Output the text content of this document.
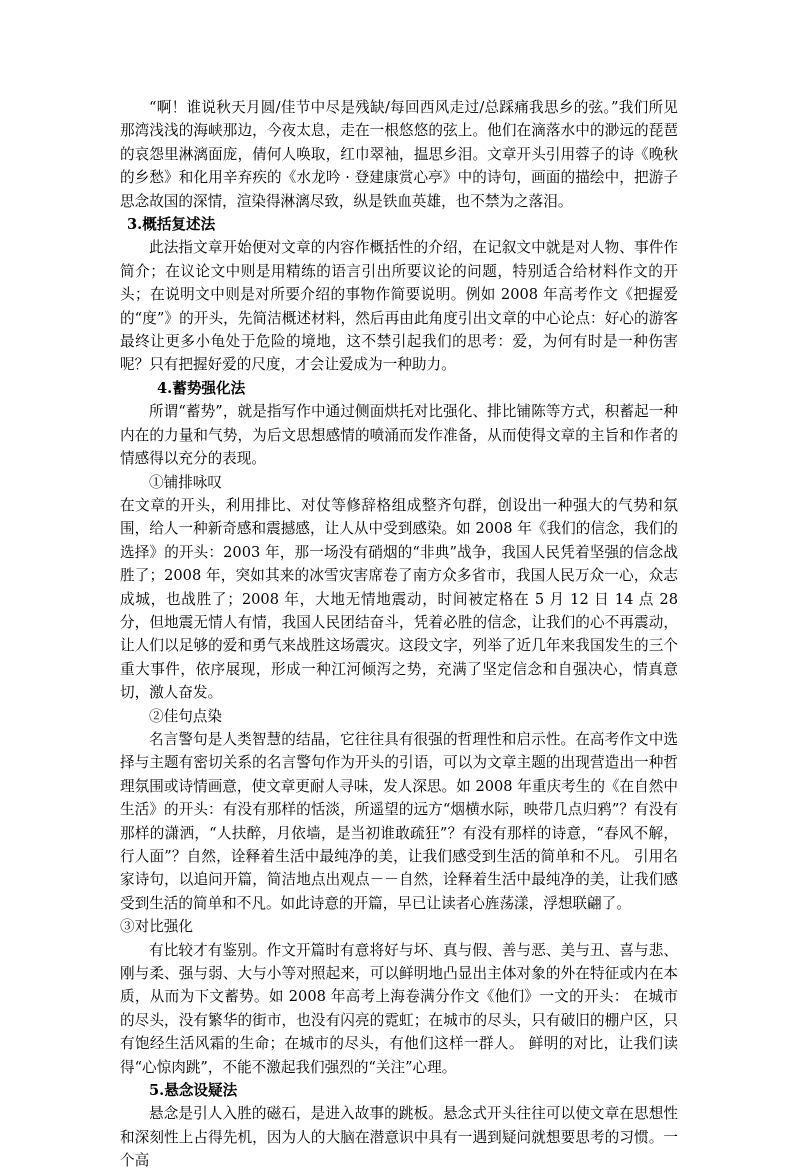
“啊！谁说秋天月圆/佳节中尽是残缺/每回西风走过/总踩痛我思乡的弦。”我们所见那湾浅浅的海峡那边，今夜太息，走在一根悠悠的弦上。他们在滴落水中的渺远的琵琶的哀怨里淋漓面庞，倩何人唤取，红巾翠袖，揾思乡泪。文章开头引用蓉子的诗《晚秋的乡愁》和化用辛弃疾的《水龙吟 · 登建康赏心亭》中的诗句，画面的描绘中，把游子思念故国的深情，渲染得淋漓尽致，纵是铁血英雄，也不禁为之落泪。

3.概括复述法

此法指文章开始便对文章的内容作概括性的介绍，在记叙文中就是对人物、事件作简介；在议论文中则是用精练的语言引出所要议论的问题，特别适合给材料作文的开头；在说明文中则是对所要介绍的事物作简要说明。例如 2008 年高考作文《把握爱的“度”》的开头，先简洁概述材料，然后再由此角度引出文章的中心论点：好心的游客最终让更多小龟处于危险的境地，这不禁引起我们的思考：爱，为何有时是一种伤害呢？只有把握好爱的尺度，才会让爱成为一种助力。

4.蓄势强化法

所谓“蓄势”，就是指写作中通过侧面烘托对比强化、排比铺陈等方式，积蓄起一种内在的力量和气势，为后文思想感情的喷涌而发作准备，从而使得文章的主旨和作者的情感得以充分的表现。

①铺排咏叹

在文章的开头，利用排比、对仗等修辞格组成整齐句群，创设出一种强大的气势和氛围，给人一种新奇感和震撼感，让人从中受到感染。如 2008 年《我们的信念，我们的选择》的开头：2003 年，那一场没有硝烟的“非典”战争，我国人民凭着坚强的信念战胜了；2008 年，突如其来的冰雪灾害席卷了南方众多省市，我国人民万众一心，众志成城，也战胜了；2008 年，大地无情地震动，时间被定格在 5 月 12 日 14 点 28 分，但地震无情人有情，我国人民团结奋斗，凭着必胜的信念，让我们的心不再震动，让人们以足够的爱和勇气来战胜这场震灾。这段文字，列举了近几年来我国发生的三个重大事件，依序展现，形成一种江河倾泻之势，充满了坚定信念和自强决心，情真意切，激人奋发。

②佳句点染

名言警句是人类智慧的结晶，它往往具有很强的哲理性和启示性。在高考作文中选择与主题有密切关系的名言警句作为开头的引语，可以为文章主题的出现营造出一种哲理氛围或诗情画意，使文章更耐人寻味，发人深思。如 2008 年重庆考生的《在自然中生活》的开头：有没有那样的恬淡，所遥望的远方“烟横水际，映带几点归鸦”？有没有那样的潇洒，“人扶醉，月依墙，是当初谁敢疏狂”？有没有那样的诗意，“春风不解，行人面”？自然，诠释着生活中最纯净的美，让我们感受到生活的简单和不凡。 引用名家诗句，以追问开篇，简洁地点出观点－－自然，诠释着生活中最纯净的美，让我们感受到生活的简单和不凡。如此诗意的开篇，早已让读者心旌荡漾，浮想联翩了。

③对比强化

有比较才有鉴别。作文开篇时有意将好与坏、真与假、善与恶、美与丑、喜与悲、刚与柔、强与弱、大与小等对照起来，可以鲜明地凸显出主体对象的外在特征或内在本质，从而为下文蓄势。如 2008 年高考上海卷满分作文《他们》一文的开头： 在城市的尽头，没有繁华的街市，也没有闪亮的霓虹；在城市的尽头，只有破旧的棚户区，只有饱经生活风霜的生命；在城市的尽头，有他们这样一群人。 鲜明的对比，让我们读得“心惊肉跳”，不能不激起我们强烈的“关注”心理。

5.悬念设疑法

悬念是引人入胜的磁石，是进入故事的跳板。悬念式开头往往可以使文章在思想性和深刻性上占得先机，因为人的大脑在潜意识中具有一遇到疑问就想要思考的习惯。一个高
